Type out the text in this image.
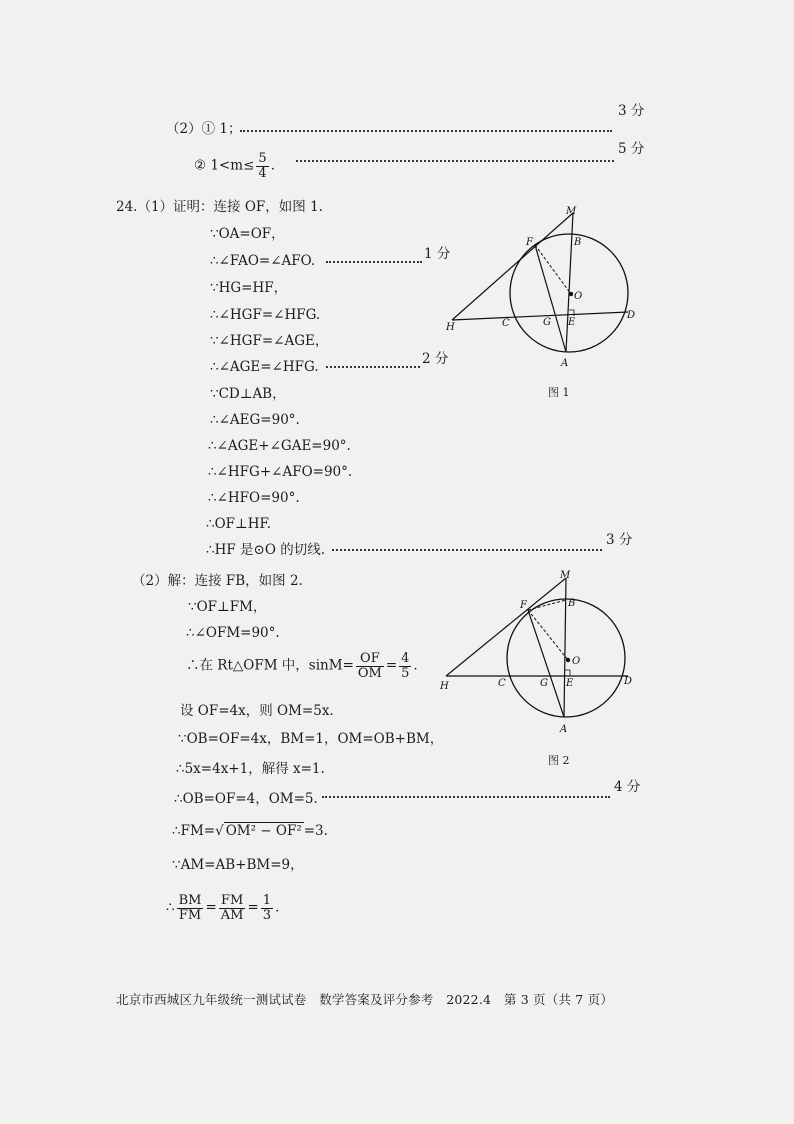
（2）① 1；
3 分
② $1<m\le \frac{5}{4}$ ．
5 分
24.（1）证明：连接 OF，如图 1.
∵OA=OF，
∴∠FAO=∠AFO.	1 分
∵HG=HF，
∴∠HGF=∠HFG.
∵∠HGF=∠AGE，
∴∠AGE=∠HFG.	2 分
∵CD⊥AB，
∴∠AEG=90°.
∴∠AGE+∠GAE=90°.
∴∠HFG+∠AFO=90°.
∴∠HFO=90°.
∴OF⊥HF.
∴HF 是⊙O 的切线.
3 分
M
F	B
O
H	C	G E
D
A
图 1
（2）解：连接 FB，如图 2.
∵OF⊥FM，
∴∠OFM=90°.
∴在 Rt△OFM 中，$\sin M= \frac{OF}{OM} = \frac{4}{5}$ ．
设 OF=4x，则 OM=5x.
∵OB=OF=4x，BM=1，OM=OB+BM，
∴5x=4x+1，解得 x=1.
∴OB=OF=4，OM=5.
4 分
∴FM=√ OM² − OF² =3.
∵AM=AB+BM=9，
∴ $\frac{BM}{FM} = \frac{FM}{AM} = \frac{1}{3}$ ．
M
F	B
O
H	C	G E	D
A
图 2
北京市西城区九年级统一测试试卷　数学答案及评分参考　2022.4　第 3 页（共 7 页）
